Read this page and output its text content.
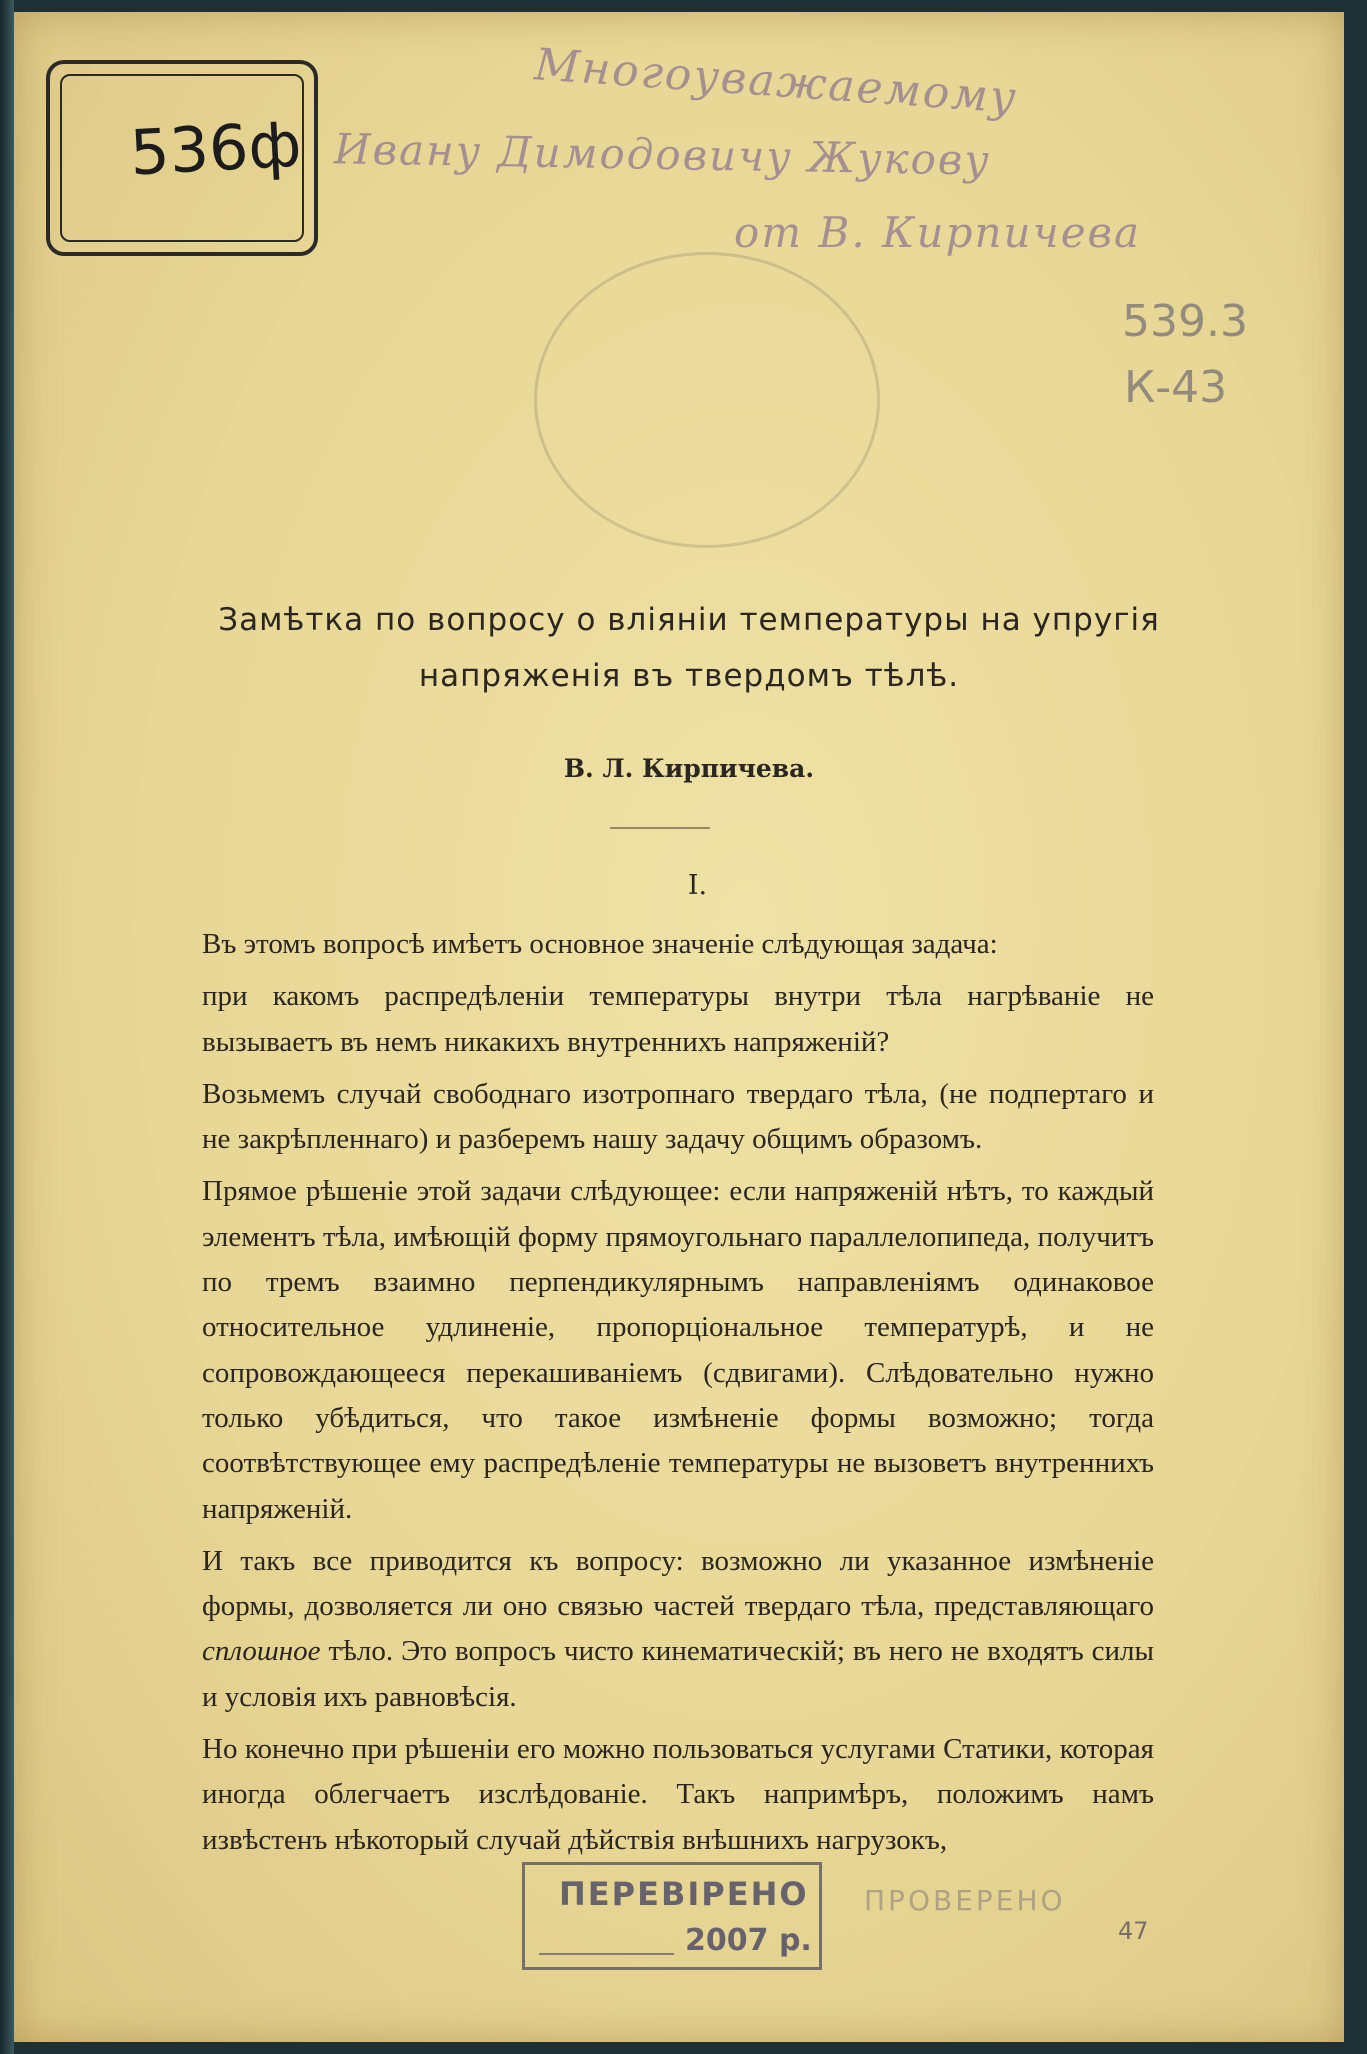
536ф
Многоуважаемому
Ивану Димодовичу Жукову
от В. Кирпичева
539.3
К-43
Замѣтка по вопросу о вліяніи температуры на упругія
напряженія въ твердомъ тѣлѣ.
В. Л. Кирпичева.
I.

Въ этомъ вопросѣ имѣетъ основное значеніе слѣдующая задача:

при какомъ распредѣленіи температуры внутри тѣла нагрѣваніе не вызываетъ въ немъ никакихъ внутреннихъ напряженій?

Возьмемъ случай свободнаго изотропнаго твердаго тѣла, (не подпертаго и не закрѣпленнаго) и разберемъ нашу задачу общимъ образомъ.

Прямое рѣшеніе этой задачи слѣдующее: если напряженій нѣтъ, то каждый элементъ тѣла, имѣющій форму прямоугольнаго параллелопипеда, получитъ по тремъ взаимно перпендикулярнымъ направленіямъ одинаковое относительное удлиненіе, пропорціональное температурѣ, и не сопровождающееся перекашиваніемъ (сдвигами). Слѣдовательно нужно только убѣдиться, что такое измѣненіе формы возможно; тогда соотвѣтствующее ему распредѣленіе температуры не вызоветъ внутреннихъ напряженій.

И такъ все приводится къ вопросу: возможно ли указанное измѣненіе формы, дозволяется ли оно связью частей твердаго тѣла, представляющаго сплошное тѣло. Это вопросъ чисто кинематическій; въ него не входятъ силы и условія ихъ равновѣсія.

Но конечно при рѣшеніи его можно пользоваться услугами Статики, которая иногда облегчаетъ изслѣдованіе. Такъ напримѣръ, положимъ намъ извѣстенъ нѣкоторый случай дѣйствія внѣшнихъ нагрузокъ,

ПЕРЕВІРЕНО
2007 р.
ПРОВЕРЕНО
47
